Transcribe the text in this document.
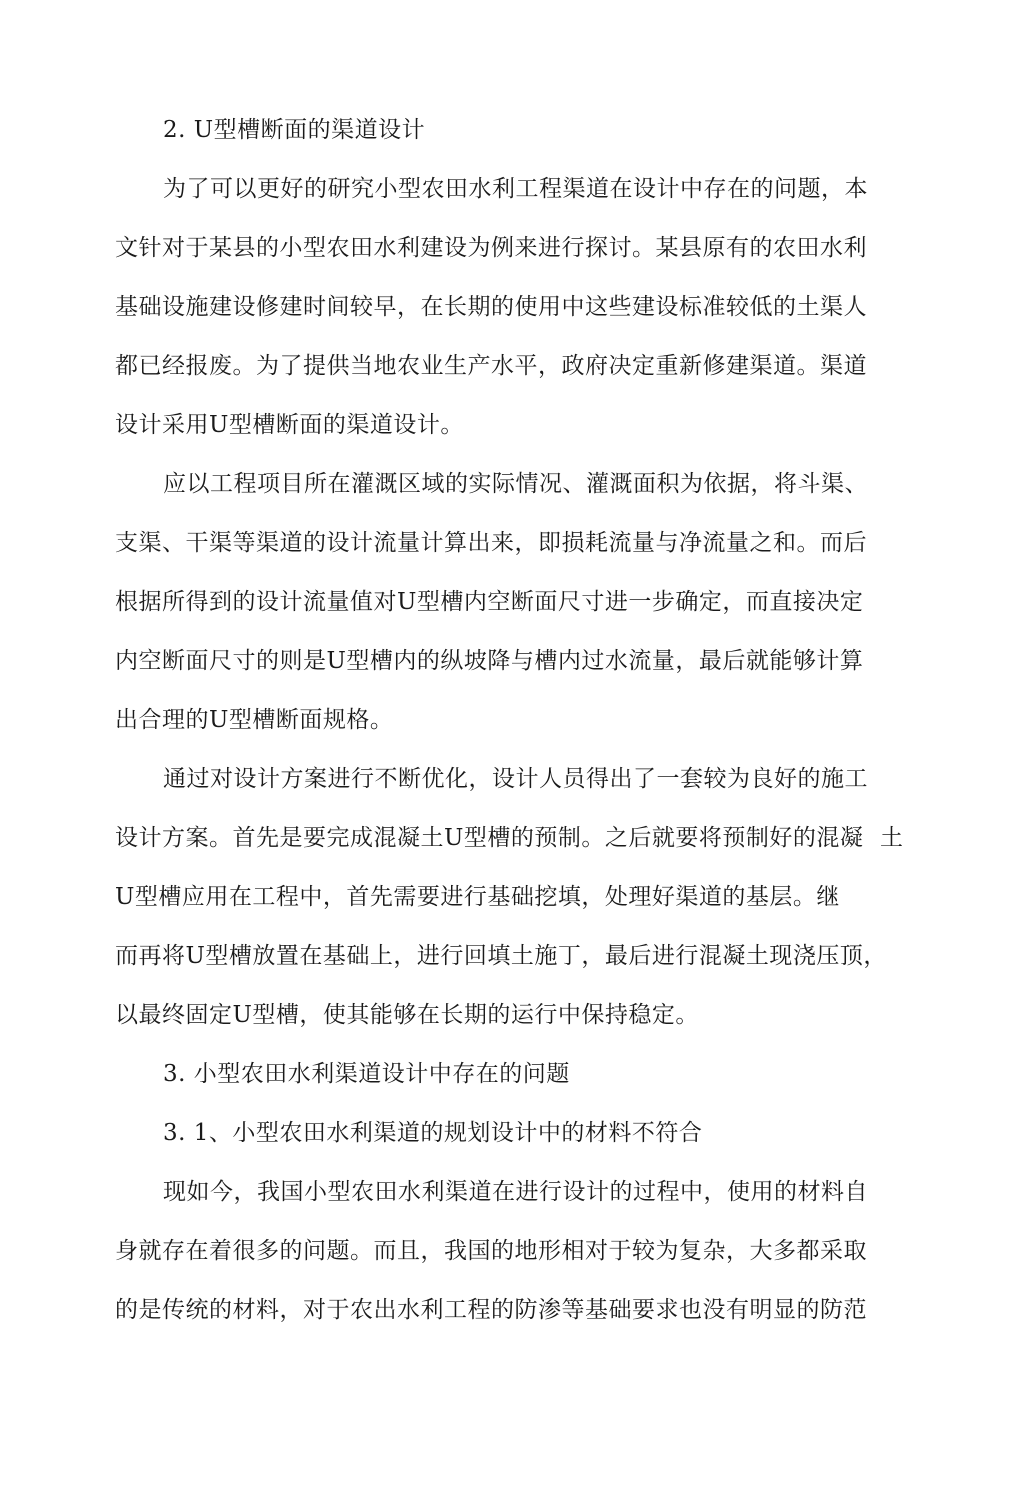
2. U型槽断面的渠道设计
为了可以更好的研究小型农田水利工程渠道在设计中存在的问题，本
文针对于某县的小型农田水利建设为例来进行探讨。某县原有的农田水利
基础设施建设修建时间较早，在长期的使用中这些建设标准较低的土渠人
都已经报废。为了提供当地农业生产水平，政府决定重新修建渠道。渠道
设计采用U型槽断面的渠道设计。
应以工程项目所在灌溉区域的实际情况、灌溉面积为依据，将斗渠、
支渠、干渠等渠道的设计流量计算出来，即损耗流量与净流量之和。而后
根据所得到的设计流量值对U型槽内空断面尺寸进一步确定，而直接决定
内空断面尺寸的则是U型槽内的纵坡降与槽内过水流量，最后就能够计算
出合理的U型槽断面规格。
通过对设计方案进行不断优化，设计人员得出了一套较为良好的施工
设计方案。首先是要完成混凝土U型槽的预制。之后就要将预制好的混凝 土
U型槽应用在工程中，首先需要进行基础挖填，处理好渠道的基层。继
而再将U型槽放置在基础上，进行回填土施丁，最后进行混凝土现浇压顶，
以最终固定U型槽，使其能够在长期的运行中保持稳定。
3. 小型农田水利渠道设计中存在的问题
3. 1、小型农田水利渠道的规划设计中的材料不符合
现如今，我国小型农田水利渠道在进行设计的过程中，使用的材料自
身就存在着很多的问题。而且，我国的地形相对于较为复杂，大多都采取
的是传统的材料，对于农出水利工程的防渗等基础要求也没有明显的防范
